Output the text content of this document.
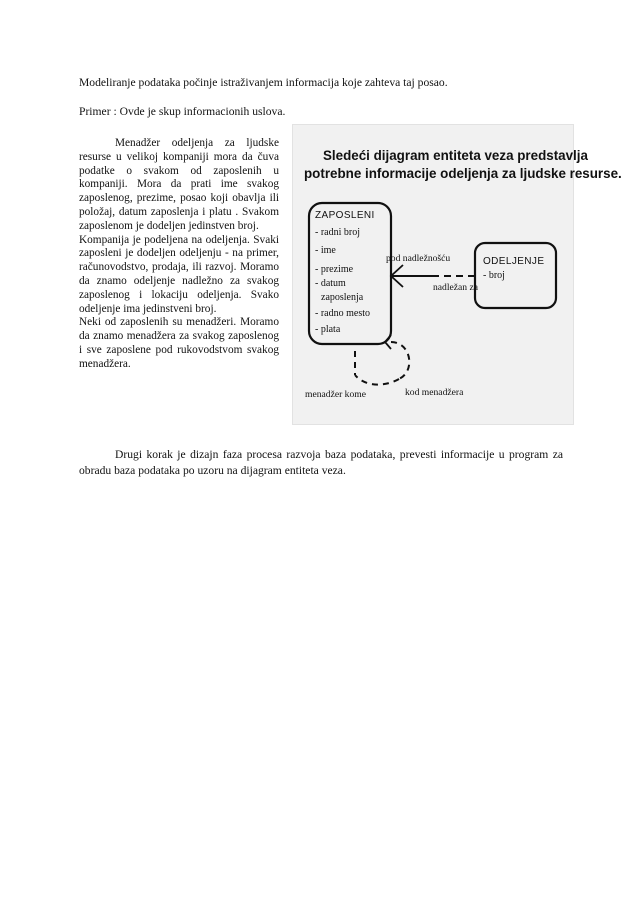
Modeliranje podataka počinje istraživanjem informacija koje zahteva taj posao.

Primer : Ovde je skup informacionih uslova.

Menadžer odeljenja za ljudske resurse u velikoj kompaniji mora da čuva podatke o svakom od zaposlenih u kompaniji. Mora da prati ime svakog zaposlenog, prezime, posao koji obavlja ili položaj, datum zaposlenja i platu . Svakom zaposlenom je dodeljen jedinstven broj.

Kompanija je podeljena na odeljenja. Svaki zaposleni je dodeljen odeljenju - na primer, računovodstvo, prodaja, ili razvoj. Moramo da znamo odeljenje nadležno za svakog zaposlenog i lokaciju odeljenja. Svako odeljenje ima jedinstveni broj.

Neki od zaposlenih su menadžeri. Moramo da znamo menadžera za svakog zaposlenog i sve zaposlene pod rukovodstvom svakog menadžera.

Sledeći dijagram entiteta veza predstavlja
potrebne informacije odeljenja za ljudske resurse.
ZAPOSLENI
- radni broj
- ime
- prezime
- datum
zaposlenja
- radno mesto
- plata
ODELJENJE
- broj
pod nadležnošću
nadležan za
menadžer kome	kod menadžera

Drugi korak je dizajn faza procesa razvoja baza podataka, prevesti informacije u program za obradu baza podataka po uzoru na dijagram entiteta veza.
